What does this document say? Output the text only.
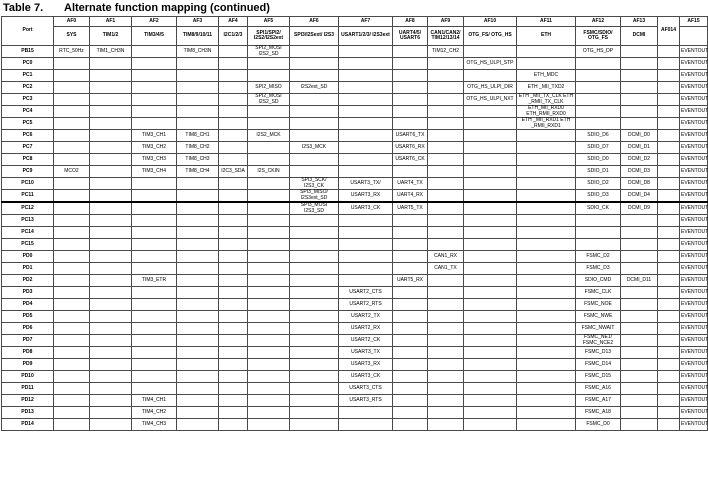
Table 7. Alternate function mapping (continued)
Port	AF0	AF1	AF2	AF3	AF4	AF5	AF6	AF7	AF8	AF9	AF10	AF11	AF12	AF13	AF014	AF15
	SYS	TIM1/2	TIM3/4/5	TIM8/9/10/11	I2C1/2/3	SPI1/SPI2/ I2S2/I2S2ext	SPI3/I2Sext/ I2S3	USART1/2/3/ I2S3ext	UART4/5/ USART6	CAN1/CAN2/ TIM12/13/14	OTG_FS/ OTG_HS	ETH	FSMC/SDIO/ OTG_FS	DCMI		
PB15	RTC_50Hz	TIM1_CH3N		TIM8_CH3N		SPI2_MOSI I2S2_SD				TIM12_CH2			OTG_HS_DP			EVENTOUT
PC0											OTG_HS_ULPI_STP					EVENTOUT
PC1												ETH_MDC				EVENTOUT
PC2						SPI2_MISO	I2S2ext_SD				OTG_HS_ULPI_DIR	ETH _MII_TXD2				EVENTOUT
PC3						SPI2_MOSI I2S2_SD					OTG_HS_ULPI_NXT	ETH _MII_TX_CLK ETH _RMII_TX_CLK				EVENTOUT
PC4												ETH_MII_RXD0 ETH_RMII_RXD0				EVENTOUT
PC5												ETH _MII_RXD1 ETH _RMII_RXD1				EVENTOUT
PC6			TIM3_CH1	TIM8_CH1		I2S2_MCK			USART6_TX				SDIO_D6	DCMI_D0		EVENTOUT
PC7			TIM3_CH2	TIM8_CH2			I2S3_MCK		USART6_RX				SDIO_D7	DCMI_D1		EVENTOUT
PC8			TIM3_CH3	TIM8_CH3					USART6_CK				SDIO_D0	DCMI_D2		EVENTOUT
PC9	MCO2		TIM3_CH4	TIM8_CH4	I2C3_SDA	I2S_CKIN							SDIO_D1	DCMI_D3		EVENTOUT
PC10							SPI3_SCK/ I2S3_CK	USART3_TX/	UART4_TX				SDIO_D2	DCMI_D8		EVENTOUT
PC11							SPI3_MISO/ I2S3ext_SD	USART3_RX	UART4_RX				SDIO_D3	DCMI_D4		EVENTOUT
PC12							SPI3_MOSI I2S3_SD	USART3_CK	UART5_TX				SDIO_CK	DCMI_D9		EVENTOUT
PC13																EVENTOUT
PC14																EVENTOUT
PC15																EVENTOUT
PD0										CAN1_RX			FSMC_D2			EVENTOUT
PD1										CAN1_TX			FSMC_D3			EVENTOUT
PD2			TIM3_ETR						UART5_RX				SDIO_CMD	DCMI_D11		EVENTOUT
PD3								USART2_CTS					FSMC_CLK			EVENTOUT
PD4								USART2_RTS					FSMC_NOE			EVENTOUT
PD5								USART2_TX					FSMC_NWE			EVENTOUT
PD6								USART2_RX					FSMC_NWAIT			EVENTOUT
PD7								USART2_CK					FSMC_NE1/ FSMC_NCE2			EVENTOUT
PD8								USART3_TX					FSMC_D13			EVENTOUT
PD9								USART3_RX					FSMC_D14			EVENTOUT
PD10								USART3_CK					FSMC_D15			EVENTOUT
PD11								USART3_CTS					FSMC_A16			EVENTOUT
PD12			TIM4_CH1					USART3_RTS					FSMC_A17			EVENTOUT
PD13			TIM4_CH2										FSMC_A18			EVENTOUT
PD14			TIM4_CH3										FSMC_D0			EVENTOUT
